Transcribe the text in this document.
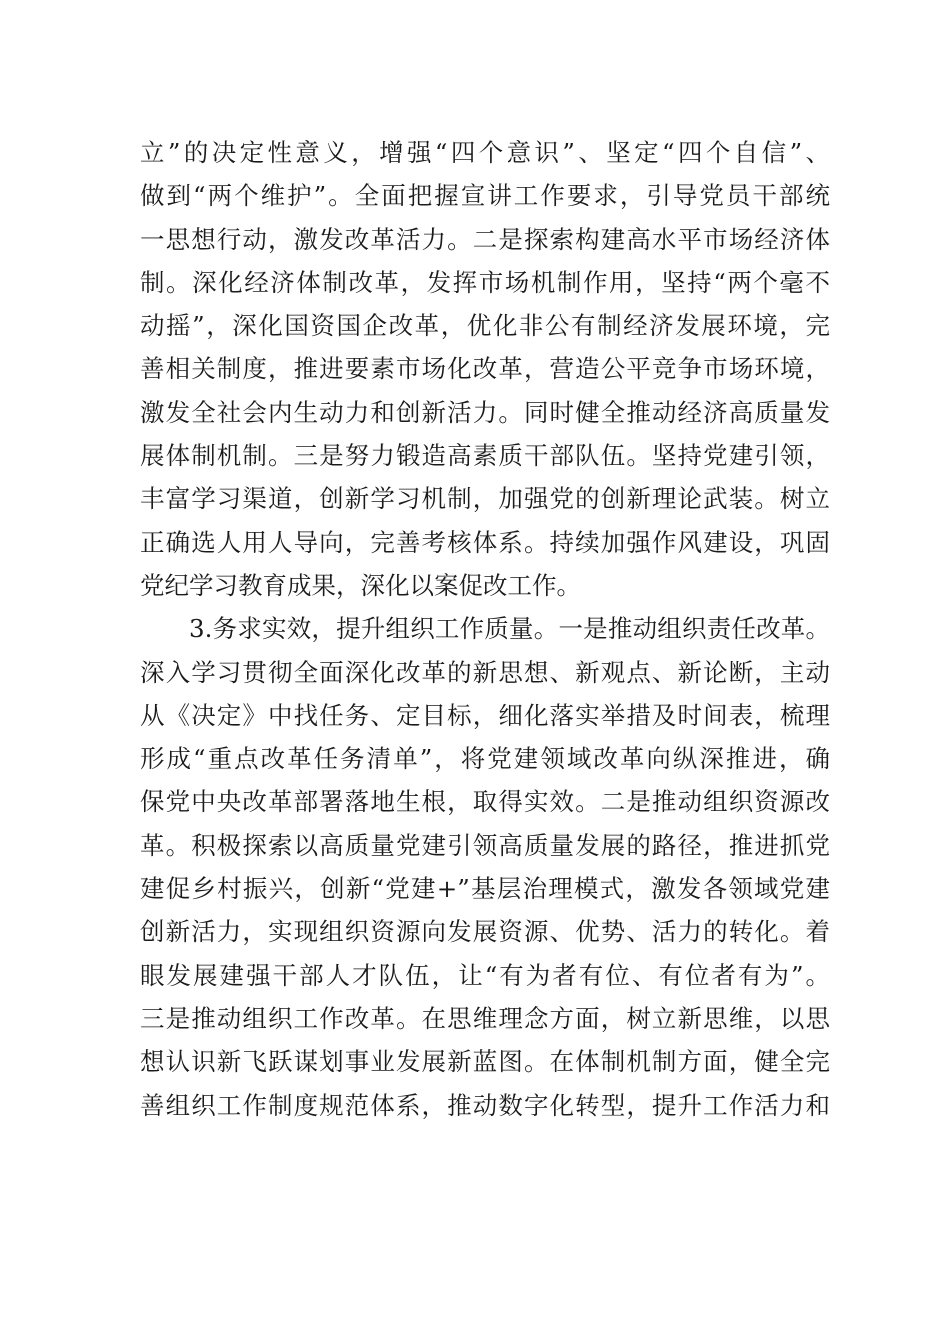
立”的决定性意义，增强“四个意识”、坚定“四个自信”、
做到“两个维护”。全面把握宣讲工作要求，引导党员干部统
一思想行动，激发改革活力。二是探索构建高水平市场经济体
制。深化经济体制改革，发挥市场机制作用，坚持“两个毫不
动摇”，深化国资国企改革，优化非公有制经济发展环境，完
善相关制度，推进要素市场化改革，营造公平竞争市场环境，
激发全社会内生动力和创新活力。同时健全推动经济高质量发
展体制机制。三是努力锻造高素质干部队伍。坚持党建引领，
丰富学习渠道，创新学习机制，加强党的创新理论武装。树立
正确选人用人导向，完善考核体系。持续加强作风建设，巩固
党纪学习教育成果，深化以案促改工作。
3.务求实效，提升组织工作质量。一是推动组织责任改革。
深入学习贯彻全面深化改革的新思想、新观点、新论断，主动
从《决定》中找任务、定目标，细化落实举措及时间表，梳理
形成“重点改革任务清单”，将党建领域改革向纵深推进，确
保党中央改革部署落地生根，取得实效。二是推动组织资源改
革。积极探索以高质量党建引领高质量发展的路径，推进抓党
建促乡村振兴，创新“党建+”基层治理模式，激发各领域党建
创新活力，实现组织资源向发展资源、优势、活力的转化。着
眼发展建强干部人才队伍，让“有为者有位、有位者有为”。
三是推动组织工作改革。在思维理念方面，树立新思维，以思
想认识新飞跃谋划事业发展新蓝图。在体制机制方面，健全完
善组织工作制度规范体系，推动数字化转型，提升工作活力和
